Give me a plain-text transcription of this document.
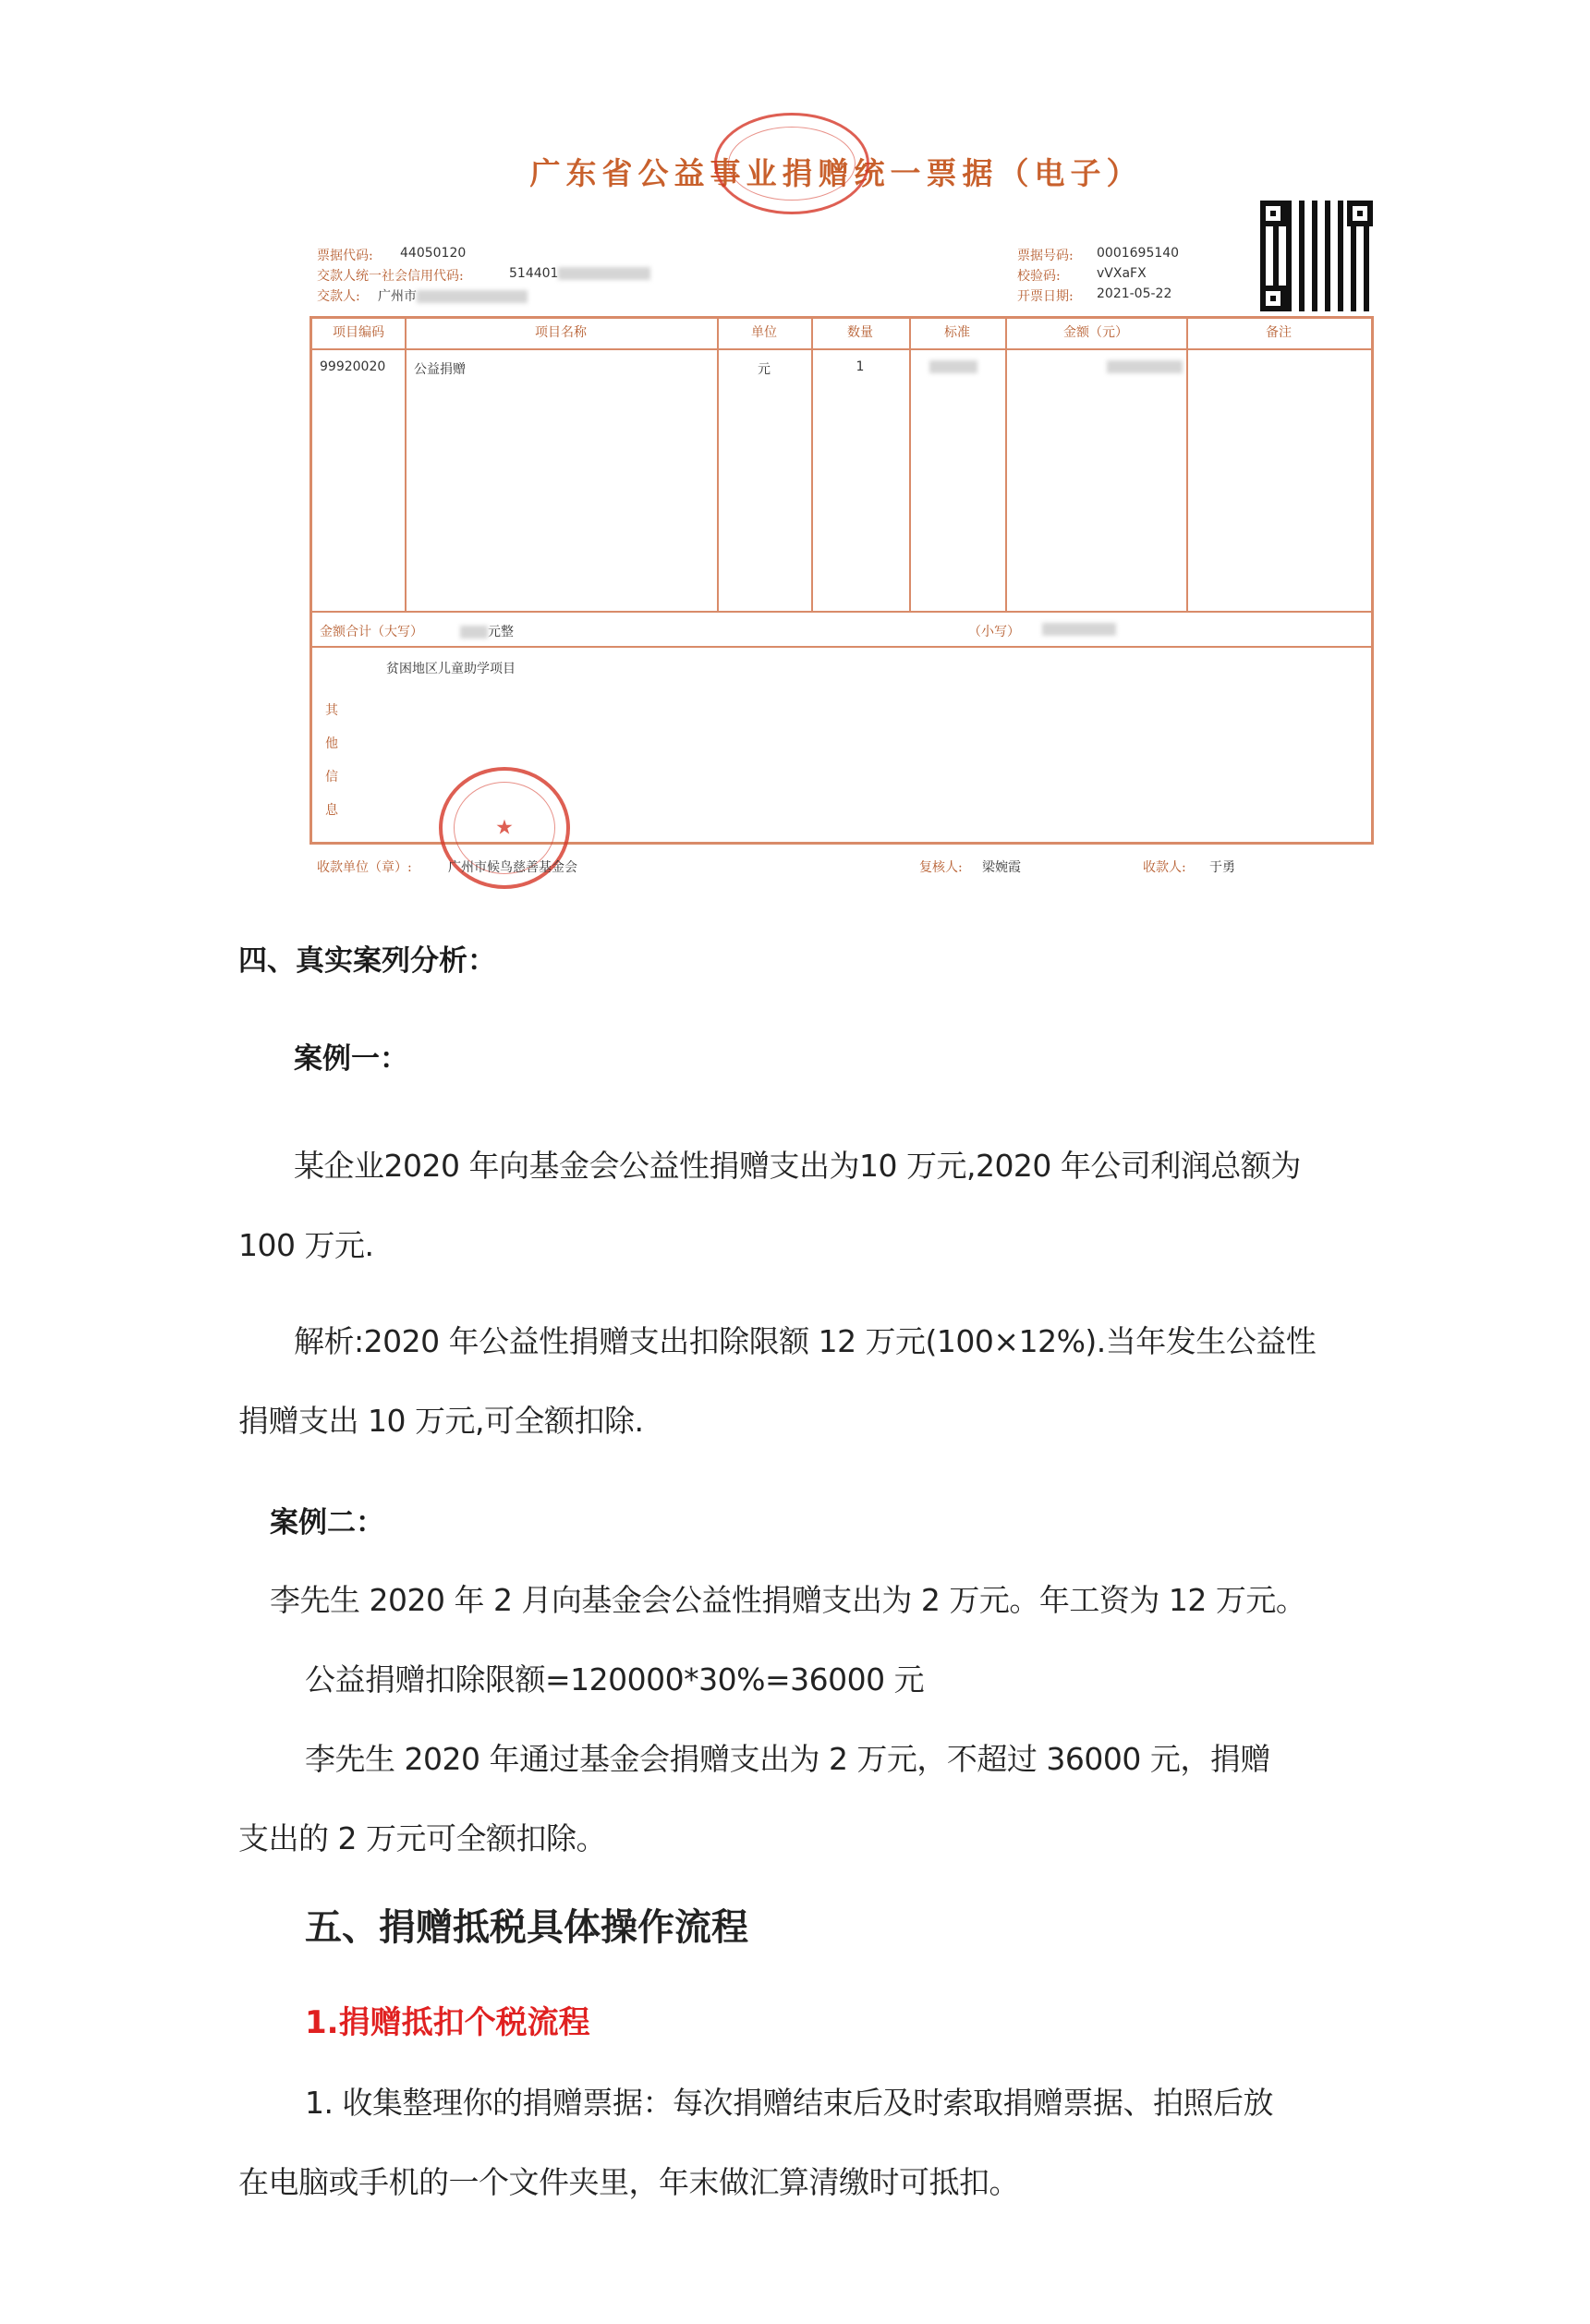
广东省公益事业捐赠统一票据（电子）
票据代码: 44050120
交款人统一社会信用代码:	514401
交款人: 广州市
票据号码: 0001695140
校验码:	vVXaFX
开票日期: 2021-05-22
项目编码	项目名称	单位	数量	标准	金额（元）	备注
99920020 公益捐赠	元	1
金额合计（大写）	元整	（小写）
其
他
信
息
贫困地区儿童助学项目
★
收款单位（章）:	广州市候鸟慈善基金会	复核人: 梁婉霞	收款人: 于勇
四、真实案列分析：
案例一：
某企业2020 年向基金会公益性捐赠支出为10 万元,2020 年公司利润总额为
100 万元.
解析:2020 年公益性捐赠支出扣除限额 12 万元(100×12%).当年发生公益性
捐赠支出 10 万元,可全额扣除.
案例二：
李先生 2020 年 2 月向基金会公益性捐赠支出为 2 万元。年工资为 12 万元。
公益捐赠扣除限额=120000*30%=36000 元
李先生 2020 年通过基金会捐赠支出为 2 万元，不超过 36000 元，捐赠
支出的 2 万元可全额扣除。
五、捐赠抵税具体操作流程
1.捐赠抵扣个税流程
1. 收集整理你的捐赠票据：每次捐赠结束后及时索取捐赠票据、拍照后放
在电脑或手机的一个文件夹里，年末做汇算清缴时可抵扣。
